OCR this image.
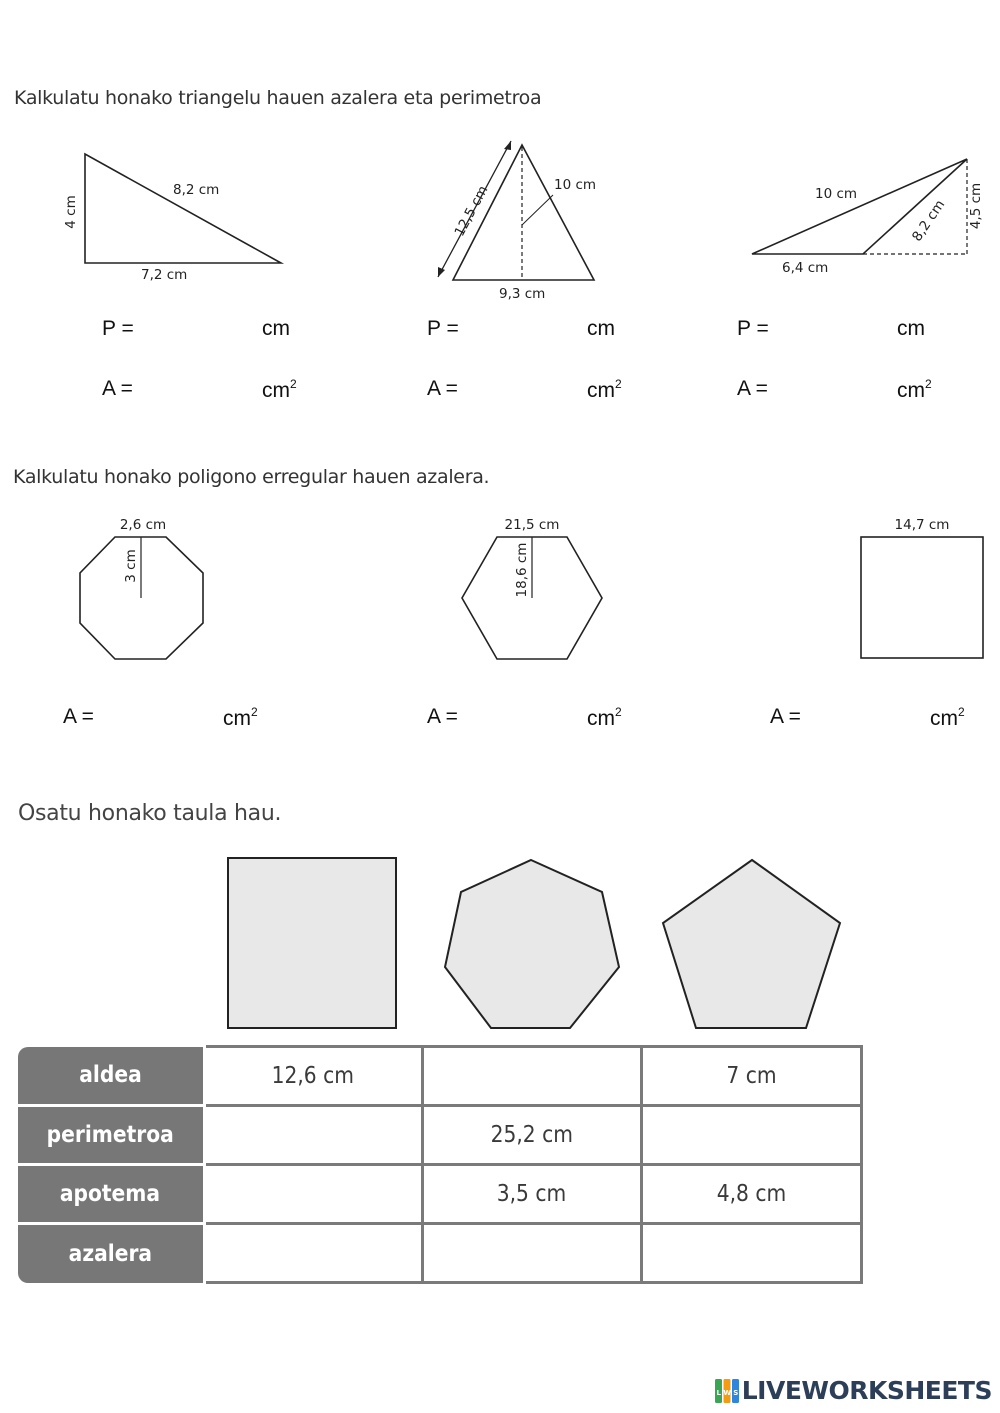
Kalkulatu honako triangelu hauen azalera eta perimetroa
4 cm
8,2 cm
7,2 cm
12,5 cm	10 cm
9,3 cm
10 cm
8,2 cm 4,5 cm
6,4 cm
P =	cm
A =	$cm^2$
P =	cm
A =	$cm^2$
P =	cm
A =	$cm^2$
Kalkulatu honako poligono erregular hauen azalera.
2,6 cm
3 cm
21,5 cm
18,6 cm
14,7 cm
A =	$cm^2$	A =	$cm^2$	A =	$cm^2$
Osatu honako taula hau.
aldea	12,6 cm		7 cm
perimetroa		25,2 cm	
apotema		3,5 cm	4,8 cm
azalera			
L W S LIVEWORKSHEETS
